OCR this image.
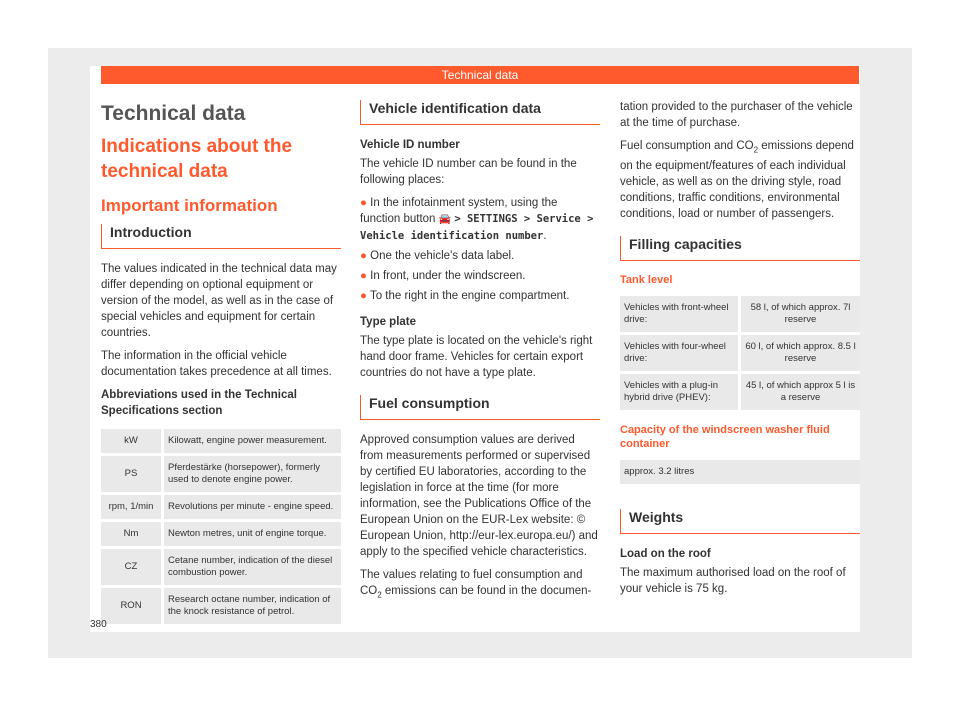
Technical data
Technical data
Indications about the technical data
Important information
Introduction

The values indicated in the technical data may differ depending on optional equipment or version of the model, as well as in the case of special vehicles and equipment for certain countries.

The information in the official vehicle documentation takes precedence at all times.

Abbreviations used in the Technical Specifications section

kW	Kilowatt, engine power measurement.
PS	Pferdestärke (horsepower), formerly used to denote engine power.
rpm, 1/min	Revolutions per minute - engine speed.
Nm	Newton metres, unit of engine torque.
CZ	Cetane number, indication of the diesel combustion power.
RON	Research octane number, indication of the knock resistance of petrol.
Vehicle identification data

Vehicle ID number

The vehicle ID number can be found in the following places:

● In the infotainment system, using the function button 🚘 > SETTINGS > Service > Vehicle identification number.
● One the vehicle's data label.
● In front, under the windscreen.
● To the right in the engine compartment.

Type plate

The type plate is located on the vehicle's right hand door frame. Vehicles for certain export countries do not have a type plate.

Fuel consumption

Approved consumption values are derived from measurements performed or supervised by certified EU laboratories, according to the legislation in force at the time (for more information, see the Publications Office of the European Union on the EUR-Lex website: © European Union, http://eur-lex.europa.eu/) and apply to the specified vehicle characteristics.

The values relating to fuel consumption and $CO_2$ emissions can be found in the documen-

tation provided to the purchaser of the vehicle at the time of purchase.

Fuel consumption and $CO_2$ emissions depend on the equipment/features of each individual vehicle, as well as on the driving style, road conditions, traffic conditions, environmental conditions, load or number of passengers.

Filling capacities
Tank level
Vehicles with front-wheel drive:	58 l, of which approx. 7l reserve
Vehicles with four-wheel drive:	60 l, of which approx. 8.5 l reserve
Vehicles with a plug-in hybrid drive (PHEV):	45 l, of which approx 5 l is a reserve
Capacity of the windscreen washer fluid container
approx. 3.2 litres
Weights

Load on the roof

The maximum authorised load on the roof of your vehicle is 75 kg.

380
